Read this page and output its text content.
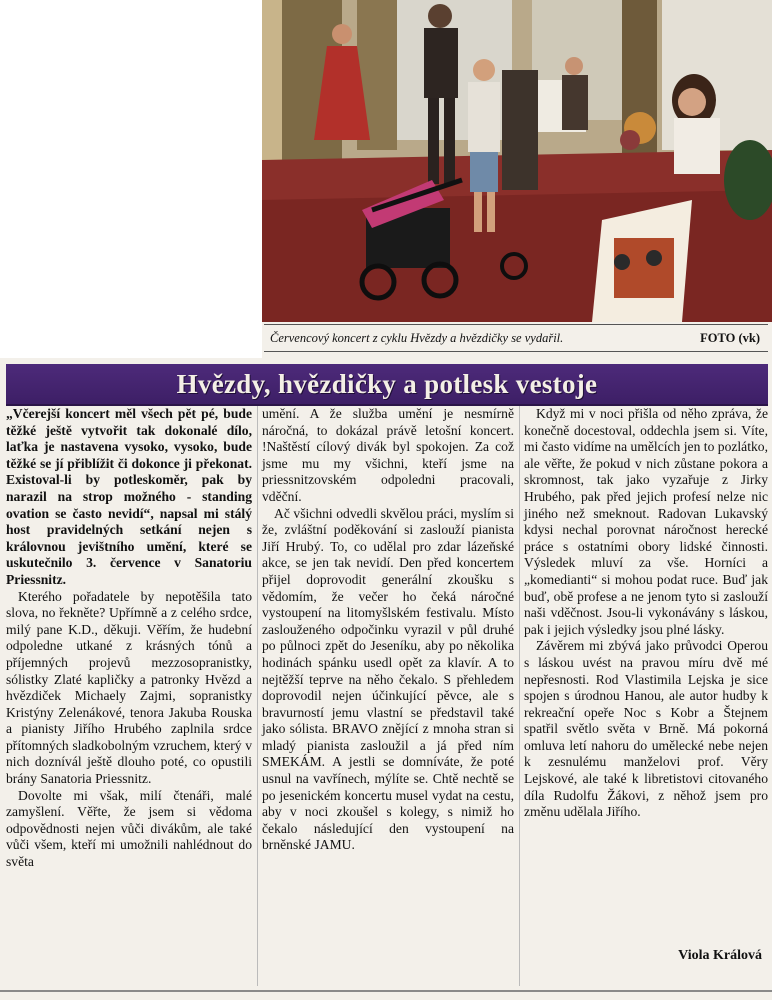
Červencový koncert z cyklu Hvězdy a hvězdičky se vydařil.	FOTO (vk)
Hvězdy, hvězdičky a potlesk vestoje

„Včerejší koncert měl všech pět pé, bude těžké ještě vytvořit tak dokonalé dílo, laťka je nastavena vysoko, vysoko, bude těžké se jí přiblížit či dokonce ji překonat. Existoval-li by potleskoměr, pak by narazil na strop možného - standing ovation se často nevidí“, napsal mi stálý host pravidelných setkání nejen s královnou jevištního umění, které se uskutečnilo 3. července v Sanatoriu Priessnitz.

Kterého pořadatele by nepotěšila tato slova, no řekněte? Upřímně a z celého srdce, milý pane K.D., děkuji. Věřím, že hudební odpoledne utkané z krásných tónů a příjemných projevů mezzosopranistky, sólistky Zlaté kapličky a patronky Hvězd a hvězdiček Michaely Zajmi, sopranistky Kristýny Zelenákové, tenora Jakuba Rouska a pianisty Jiřího Hrubého zaplnila srdce přítomných sladkobolným vzruchem, který v nich doznívál ještě dlouho poté, co opustili brány Sanatoria Priessnitz.

Dovolte mi však, milí čtenáři, malé zamyšlení. Věřte, že jsem si vědoma odpovědnosti nejen vůči divákům, ale také vůči všem, kteří mi umožnili nahlédnout do světa

umění. A že služba umění je nesmírně náročná, to dokázal právě letošní koncert. !Naštěstí cílový divák byl spokojen. Za což jsme mu my všichni, kteří jsme na priessnitzovském odpoledni pracovali, vděční.

Ač všichni odvedli skvělou práci, myslím si že, zvláštní poděkování si zaslouží pianista Jiří Hrubý. To, co udělal pro zdar lázeňské akce, se jen tak nevidí. Den před koncertem přijel doprovodit generální zkoušku s vědomím, že večer ho čeká náročné vystoupení na litomyšlském festivalu. Místo zaslouženého odpočinku vyrazil v půl druhé po půlnoci zpět do Jeseníku, aby po několika hodinách spánku usedl opět za klavír. A to nejtěžší teprve na něho čekalo. S přehledem doprovodil nejen účinkující pěvce, ale s bravurností jemu vlastní se představil také jako sólista. BRAVO znějící z mnoha stran si mladý pianista zasloužil a já před ním SMEKÁM. A jestli se domníváte, že poté usnul na vavřínech, mýlíte se. Chtě nechtě se po jesenickém koncertu musel vydat na cestu, aby v noci zkoušel s kolegy, s nimiž ho čekalo následující den vystoupení na brněnské JAMU.

Když mi v noci přišla od něho zpráva, že konečně docestoval, oddechla jsem si. Víte, mi často vidíme na umělcích jen to pozlátko, ale věřte, že pokud v nich zůstane pokora a skromnost, tak jako vyzařuje z Jirky Hrubého, pak před jejich profesí nelze nic jiného než smeknout. Radovan Lukavský kdysi nechal porovnat náročnost herecké práce s ostatními obory lidské činnosti. Výsledek mluví za vše. Horníci a „komedianti“ si mohou podat ruce. Buď jak buď, obě profese a ne jenom tyto si zaslouží naši vděčnost. Jsou-li vykonávány s láskou, pak i jejich výsledky jsou plné lásky.

Závěrem mi zbývá jako průvodci Operou s láskou uvést na pravou míru dvě mé nepřesnosti. Rod Vlastimila Lejska je sice spojen s úrodnou Hanou, ale autor hudby k rekreační opeře Noc s Kobr a Štejnem spatřil světlo světa v Brně. Má pokorná omluva letí nahoru do umělecké nebe nejen k zesnulému manželovi prof. Věry Lejskové, ale také k libretistovi citovaného díla Rudolfu Žákovi, z něhož jsem pro změnu udělala Jiřího.

Viola Králová
